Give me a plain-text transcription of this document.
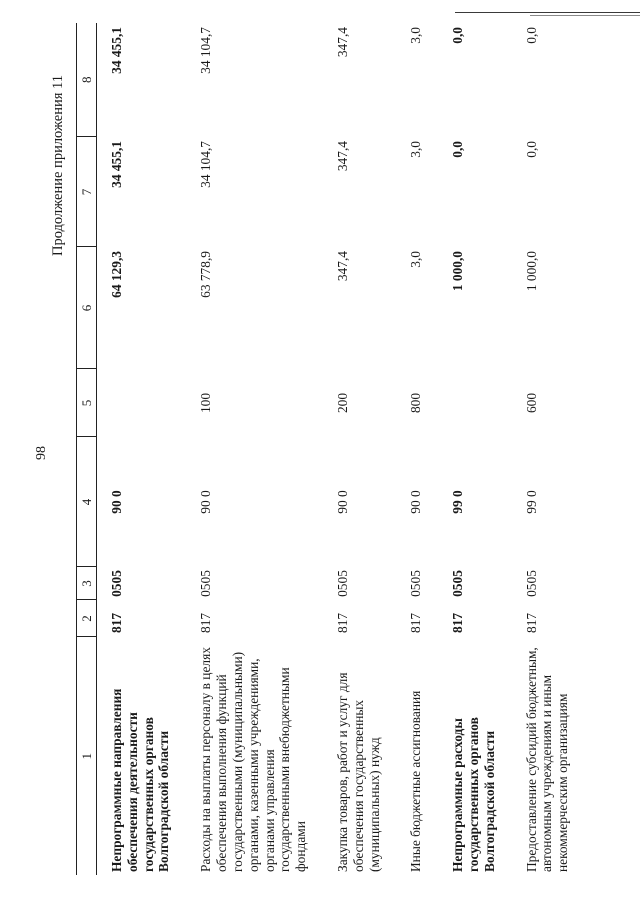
98
Продолжение приложения 11
1	2	3	4	5	6	7	8
Непрограммные направления обеспечения деятельности государственных органов Волгоградской области	817	0505	90 0		64 129,3	34 455,1	34 455,1
Расходы на выплаты персоналу в целях обеспечения выполнения функций государственными (муниципальными) органами, казенными учреждениями, органами управления государственными внебюджетными фондами	817	0505	90 0	100	63 778,9	34 104,7	34 104,7
Закупка товаров, работ и услуг для обеспечения государственных (муниципальных) нужд	817	0505	90 0	200	347,4	347,4	347,4
Иные бюджетные ассигнования	817	0505	90 0	800	3,0	3,0	3,0
Непрограммные расходы государственных органов Волгоградской области	817	0505	99 0		1 000,0	0,0	0,0
Предоставление субсидий бюджетным, автономным учреждениям и иным некоммерческим организациям	817	0505	99 0	600	1 000,0	0,0	0,0
